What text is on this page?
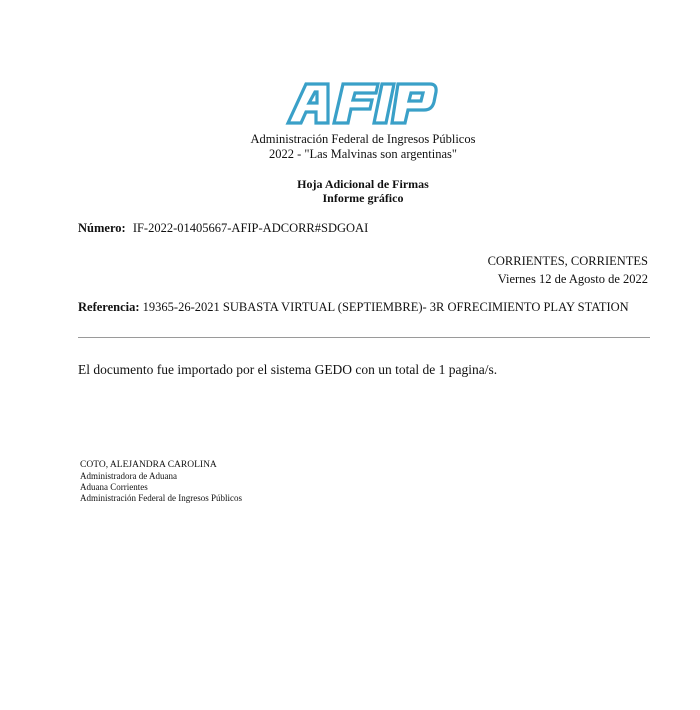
Administración Federal de Ingresos Públicos
2022 - "Las Malvinas son argentinas"
Hoja Adicional de Firmas
Informe gráfico
Número: IF-2022-01405667-AFIP-ADCORR#SDGOAI
CORRIENTES, CORRIENTES
Viernes 12 de Agosto de 2022
Referencia: 19365-26-2021 SUBASTA VIRTUAL (SEPTIEMBRE)- 3R OFRECIMIENTO PLAY STATION
El documento fue importado por el sistema GEDO con un total de 1 pagina/s.
COTO, ALEJANDRA CAROLINA
Administradora de Aduana
Aduana Corrientes
Administración Federal de Ingresos Públicos
